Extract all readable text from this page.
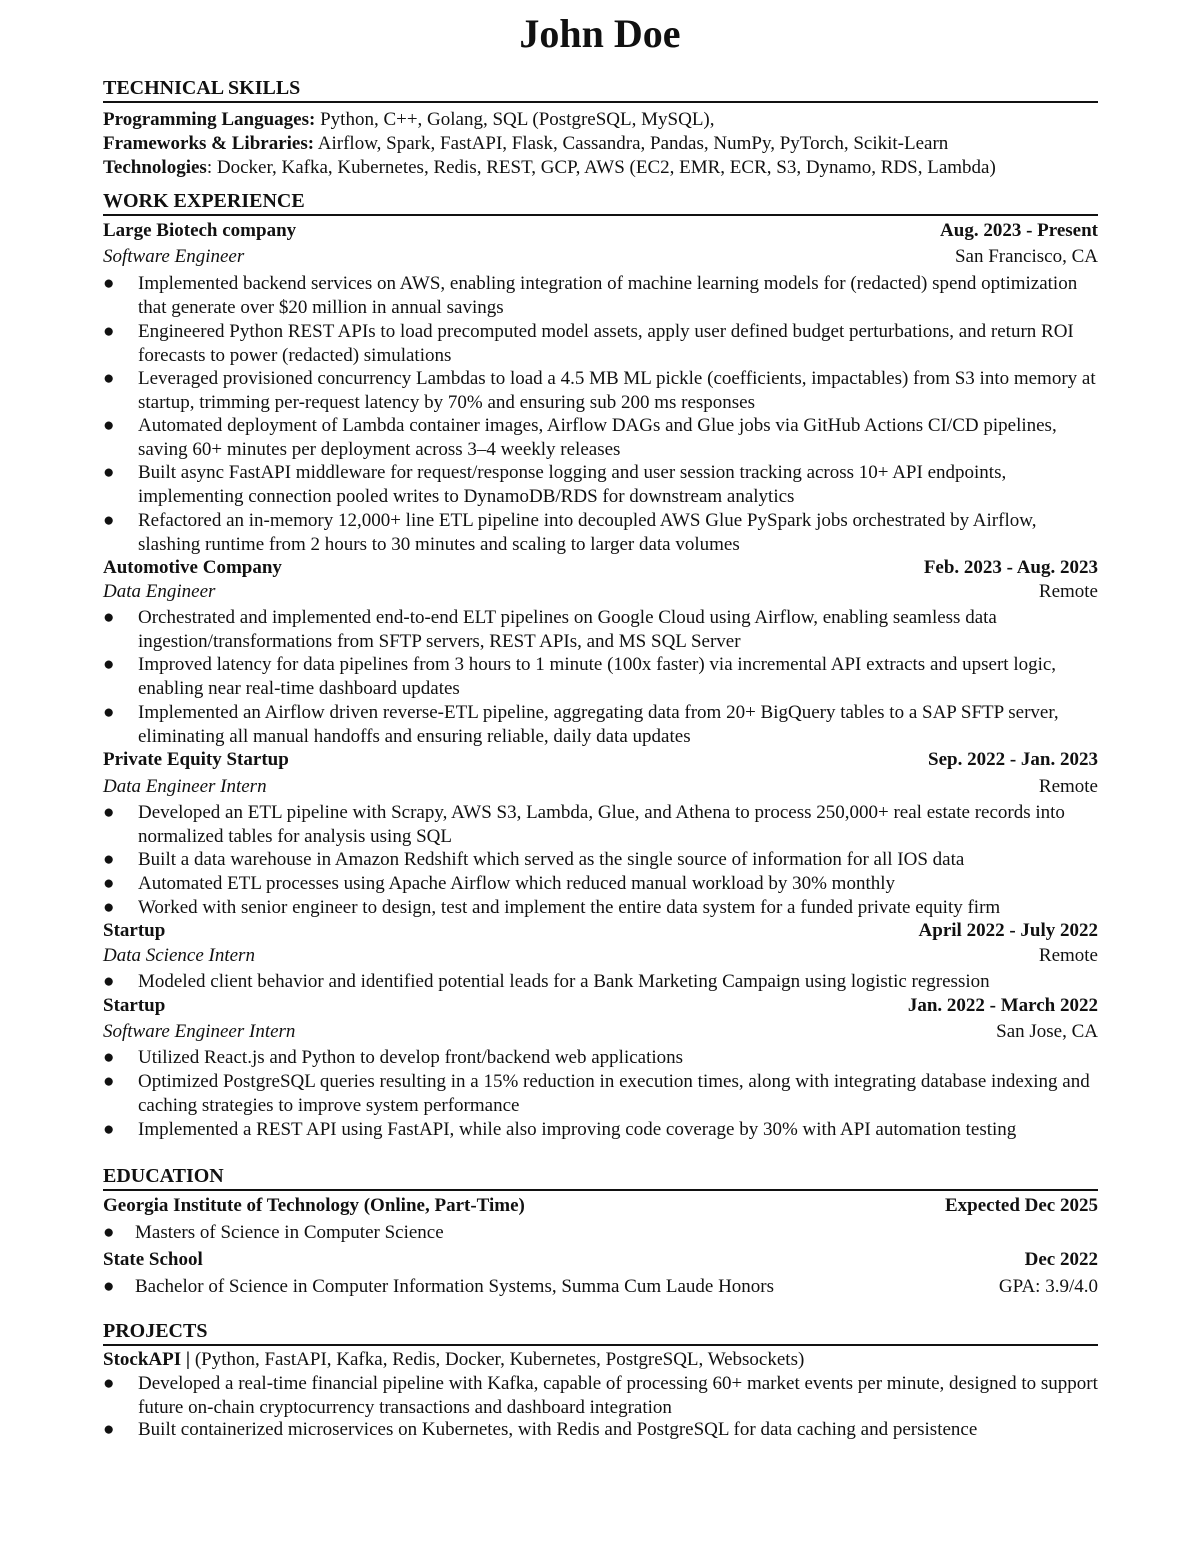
John Doe
TECHNICAL SKILLS
Programming Languages: Python, C++, Golang, SQL (PostgreSQL, MySQL),
Frameworks & Libraries: Airflow, Spark, FastAPI, Flask, Cassandra, Pandas, NumPy, PyTorch, Scikit-Learn
Technologies: Docker, Kafka, Kubernetes, Redis, REST, GCP, AWS (EC2, EMR, ECR, S3, Dynamo, RDS, Lambda)
WORK EXPERIENCE
Large Biotech company	Aug. 2023 - Present
Software Engineer	San Francisco, CA
● Implemented backend services on AWS, enabling integration of machine learning models for (redacted) spend optimization that generate over $20 million in annual savings
● Engineered Python REST APIs to load precomputed model assets, apply user defined budget perturbations, and return ROI forecasts to power (redacted) simulations
● Leveraged provisioned concurrency Lambdas to load a 4.5 MB ML pickle (coefficients, impactables) from S3 into memory at startup, trimming per-request latency by 70% and ensuring sub 200 ms responses
● Automated deployment of Lambda container images, Airflow DAGs and Glue jobs via GitHub Actions CI/CD pipelines, saving 60+ minutes per deployment across 3–4 weekly releases
● Built async FastAPI middleware for request/response logging and user session tracking across 10+ API endpoints, implementing connection pooled writes to DynamoDB/RDS for downstream analytics
● Refactored an in-memory 12,000+ line ETL pipeline into decoupled AWS Glue PySpark jobs orchestrated by Airflow, slashing runtime from 2 hours to 30 minutes and scaling to larger data volumes
Automotive Company	Feb. 2023 - Aug. 2023
Data Engineer	Remote
● Orchestrated and implemented end-to-end ELT pipelines on Google Cloud using Airflow, enabling seamless data ingestion/transformations from SFTP servers, REST APIs, and MS SQL Server
● Improved latency for data pipelines from 3 hours to 1 minute (100x faster) via incremental API extracts and upsert logic, enabling near real-time dashboard updates
● Implemented an Airflow driven reverse-ETL pipeline, aggregating data from 20+ BigQuery tables to a SAP SFTP server, eliminating all manual handoffs and ensuring reliable, daily data updates
Private Equity Startup	Sep. 2022 - Jan. 2023
Data Engineer Intern	Remote
● Developed an ETL pipeline with Scrapy, AWS S3, Lambda, Glue, and Athena to process 250,000+ real estate records into normalized tables for analysis using SQL
● Built a data warehouse in Amazon Redshift which served as the single source of information for all IOS data
● Automated ETL processes using Apache Airflow which reduced manual workload by 30% monthly
● Worked with senior engineer to design, test and implement the entire data system for a funded private equity firm
Startup	April 2022 - July 2022
Data Science Intern	Remote
● Modeled client behavior and identified potential leads for a Bank Marketing Campaign using logistic regression
Startup	Jan. 2022 - March 2022
Software Engineer Intern	San Jose, CA
● Utilized React.js and Python to develop front/backend web applications
● Optimized PostgreSQL queries resulting in a 15% reduction in execution times, along with integrating database indexing and caching strategies to improve system performance
● Implemented a REST API using FastAPI, while also improving code coverage by 30% with API automation testing
EDUCATION
Georgia Institute of Technology (Online, Part-Time)	Expected Dec 2025
● Masters of Science in Computer Science
State School	Dec 2022
● Bachelor of Science in Computer Information Systems, Summa Cum Laude Honors	GPA: 3.9/4.0
PROJECTS
StockAPI | (Python, FastAPI, Kafka, Redis, Docker, Kubernetes, PostgreSQL, Websockets)
● Developed a real-time financial pipeline with Kafka, capable of processing 60+ market events per minute, designed to support future on-chain cryptocurrency transactions and dashboard integration
● Built containerized microservices on Kubernetes, with Redis and PostgreSQL for data caching and persistence
